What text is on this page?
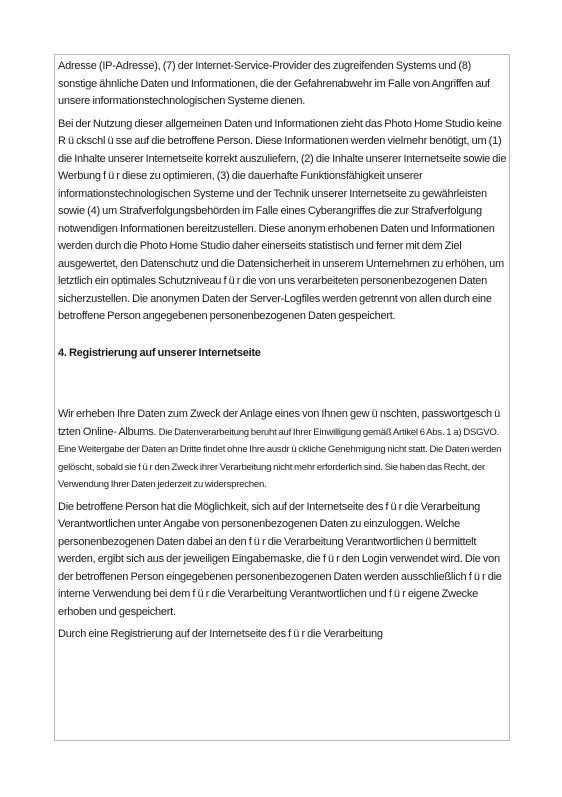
Adresse (IP-Adresse), (7) der Internet-Service-Provider des zugreifenden Systems und (8) sonstige ähnliche Daten und Informationen, die der Gefahrenabwehr im Falle von Angriffen auf unsere informationstechnologischen Systeme dienen.

Bei der Nutzung dieser allgemeinen Daten und Informationen zieht das Photo Home Studio keine R ü ckschl ü sse auf die betroffene Person. Diese Informationen werden vielmehr benötigt, um (1) die Inhalte unserer Internetseite korrekt auszuliefern, (2) die Inhalte unserer Internetseite sowie die Werbung f ü r diese zu optimieren, (3) die dauerhafte Funktionsfähigkeit unserer informationstechnologischen Systeme und der Technik unserer Internetseite zu gewährleisten sowie (4) um Strafverfolgungsbehörden im Falle eines Cyberangriffes die zur Strafverfolgung notwendigen Informationen bereitzustellen. Diese anonym erhobenen Daten und Informationen werden durch die Photo Home Studio daher einerseits statistisch und ferner mit dem Ziel ausgewertet, den Datenschutz und die Datensicherheit in unserem Unternehmen zu erhöhen, um letztlich ein optimales Schutzniveau f ü r die von uns verarbeiteten personenbezogenen Daten sicherzustellen. Die anonymen Daten der Server-Logfiles werden getrennt von allen durch eine betroffene Person angegebenen personenbezogenen Daten gespeichert.

4. Registrierung auf unserer Internetseite

Wir erheben Ihre Daten zum Zweck der Anlage eines von Ihnen gew ü nschten, passwortgesch ü tzten Online- Albums. Die Datenverarbeitung beruht auf Ihrer Einwilligung gemäß Artikel 6 Abs. 1 a) DSGVO. Eine Weitergabe der Daten an Dritte findet ohne Ihre ausdr ü ckliche Genehmigung nicht statt. Die Daten werden gelöscht, sobald sie f ü r den Zweck ihrer Verarbeitung nicht mehr erforderlich sind. Sie haben das Recht, der Verwendung Ihrer Daten jederzeit zu widersprechen.

Die betroffene Person hat die Möglichkeit, sich auf der Internetseite des f ü r die Verarbeitung Verantwortlichen unter Angabe von personenbezogenen Daten zu einzuloggen. Welche personenbezogenen Daten dabei an den f ü r die Verarbeitung Verantwortlichen ü bermittelt werden, ergibt sich aus der jeweiligen Eingabemaske, die f ü r den Login verwendet wird. Die von der betroffenen Person eingegebenen personenbezogenen Daten werden ausschließlich f ü r die interne Verwendung bei dem f ü r die Verarbeitung Verantwortlichen und f ü r eigene Zwecke erhoben und gespeichert.

Durch eine Registrierung auf der Internetseite des f ü r die Verarbeitung
